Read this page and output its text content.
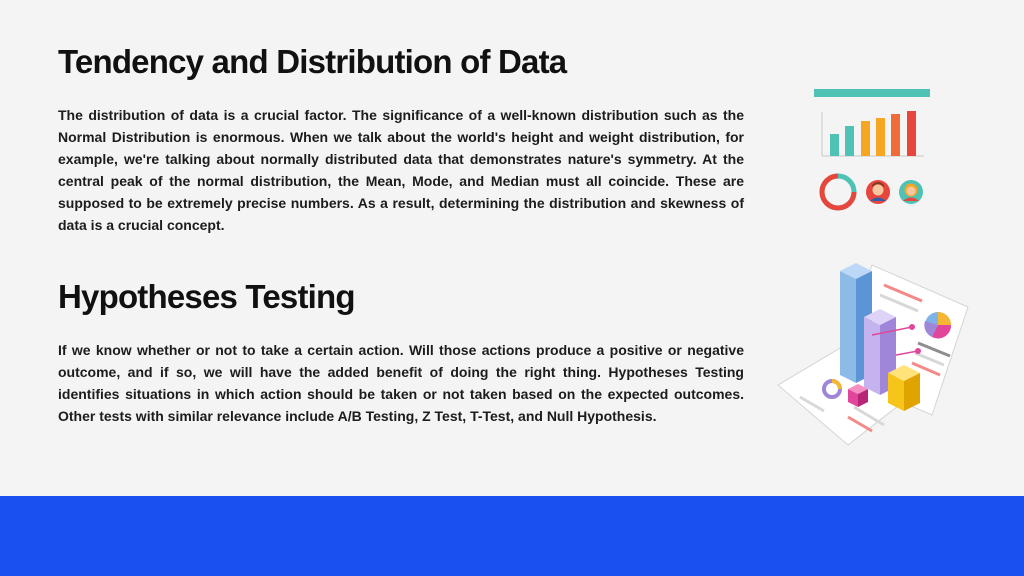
Tendency and Distribution of Data

The distribution of data is a crucial factor. The significance of a well-known distribution such as the Normal Distribution is enormous. When we talk about the world's height and weight distribution, for example, we're talking about normally distributed data that demonstrates nature's symmetry. At the central peak of the normal distribution, the Mean, Mode, and Median must all coincide. These are supposed to be extremely precise numbers. As a result, determining the distribution and skewness of data is a crucial concept.

Hypotheses Testing

If we know whether or not to take a certain action. Will those actions produce a positive or negative outcome, and if so, we will have the added benefit of doing the right thing. Hypotheses Testing identifies situations in which action should be taken or not taken based on the expected outcomes. Other tests with similar relevance include A/B Testing, Z Test, T-Test, and Null Hypothesis.
